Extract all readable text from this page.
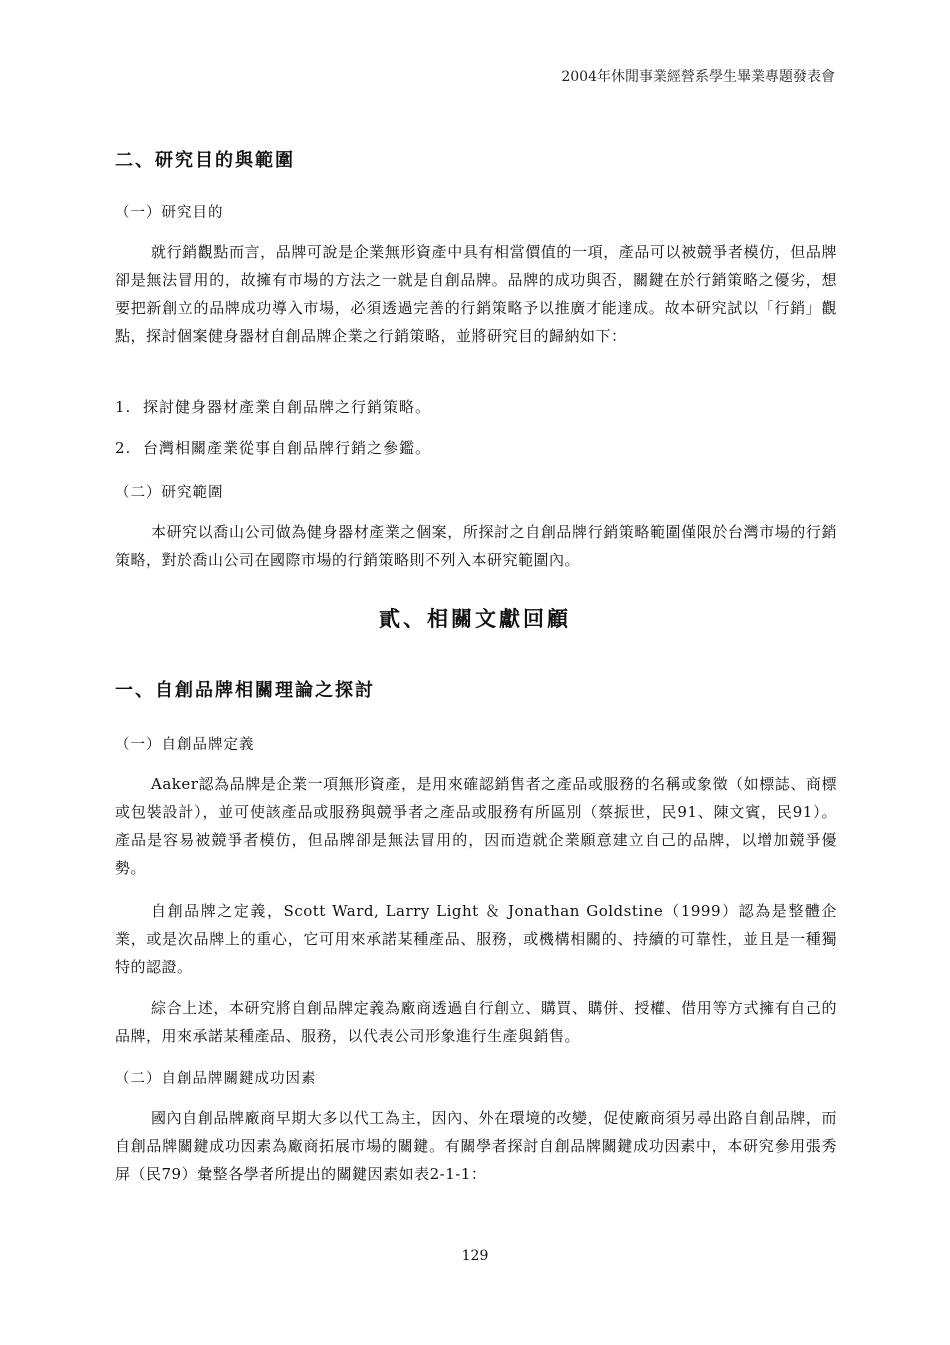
2004年休閒事業經營系學生畢業專題發表會
二、研究目的與範圍
（一）研究目的

就行銷觀點而言，品牌可說是企業無形資產中具有相當價值的一項，產品可以被競爭者模仿，但品牌卻是無法冒用的，故擁有市場的方法之一就是自創品牌。品牌的成功與否，關鍵在於行銷策略之優劣，想要把新創立的品牌成功導入市場，必須透過完善的行銷策略予以推廣才能達成。故本研究試以「行銷」觀點，探討個案健身器材自創品牌企業之行銷策略，並將研究目的歸納如下：

1. 探討健身器材產業自創品牌之行銷策略。
2. 台灣相關產業從事自創品牌行銷之參鑑。
（二）研究範圍

本研究以喬山公司做為健身器材產業之個案，所探討之自創品牌行銷策略範圍僅限於台灣市場的行銷策略，對於喬山公司在國際市場的行銷策略則不列入本研究範圍內。

貳、相關文獻回顧
一、自創品牌相關理論之探討
（一）自創品牌定義

Aaker認為品牌是企業一項無形資產，是用來確認銷售者之產品或服務的名稱或象徵（如標誌、商標或包裝設計），並可使該產品或服務與競爭者之產品或服務有所區別（蔡振世，民91、陳文賓，民91）。產品是容易被競爭者模仿，但品牌卻是無法冒用的，因而造就企業願意建立自己的品牌，以增加競爭優勢。

自創品牌之定義，Scott Ward, Larry Light ＆ Jonathan Goldstine（1999）認為是整體企業，或是次品牌上的重心，它可用來承諾某種產品、服務，或機構相關的、持續的可靠性，並且是一種獨特的認證。

綜合上述，本研究將自創品牌定義為廠商透過自行創立、購買、購併、授權、借用等方式擁有自己的品牌，用來承諾某種產品、服務，以代表公司形象進行生產與銷售。

（二）自創品牌關鍵成功因素

國內自創品牌廠商早期大多以代工為主，因內、外在環境的改變，促使廠商須另尋出路自創品牌，而自創品牌關鍵成功因素為廠商拓展市場的關鍵。有關學者探討自創品牌關鍵成功因素中，本研究參用張秀屏（民79）彙整各學者所提出的關鍵因素如表2-1-1：

129
